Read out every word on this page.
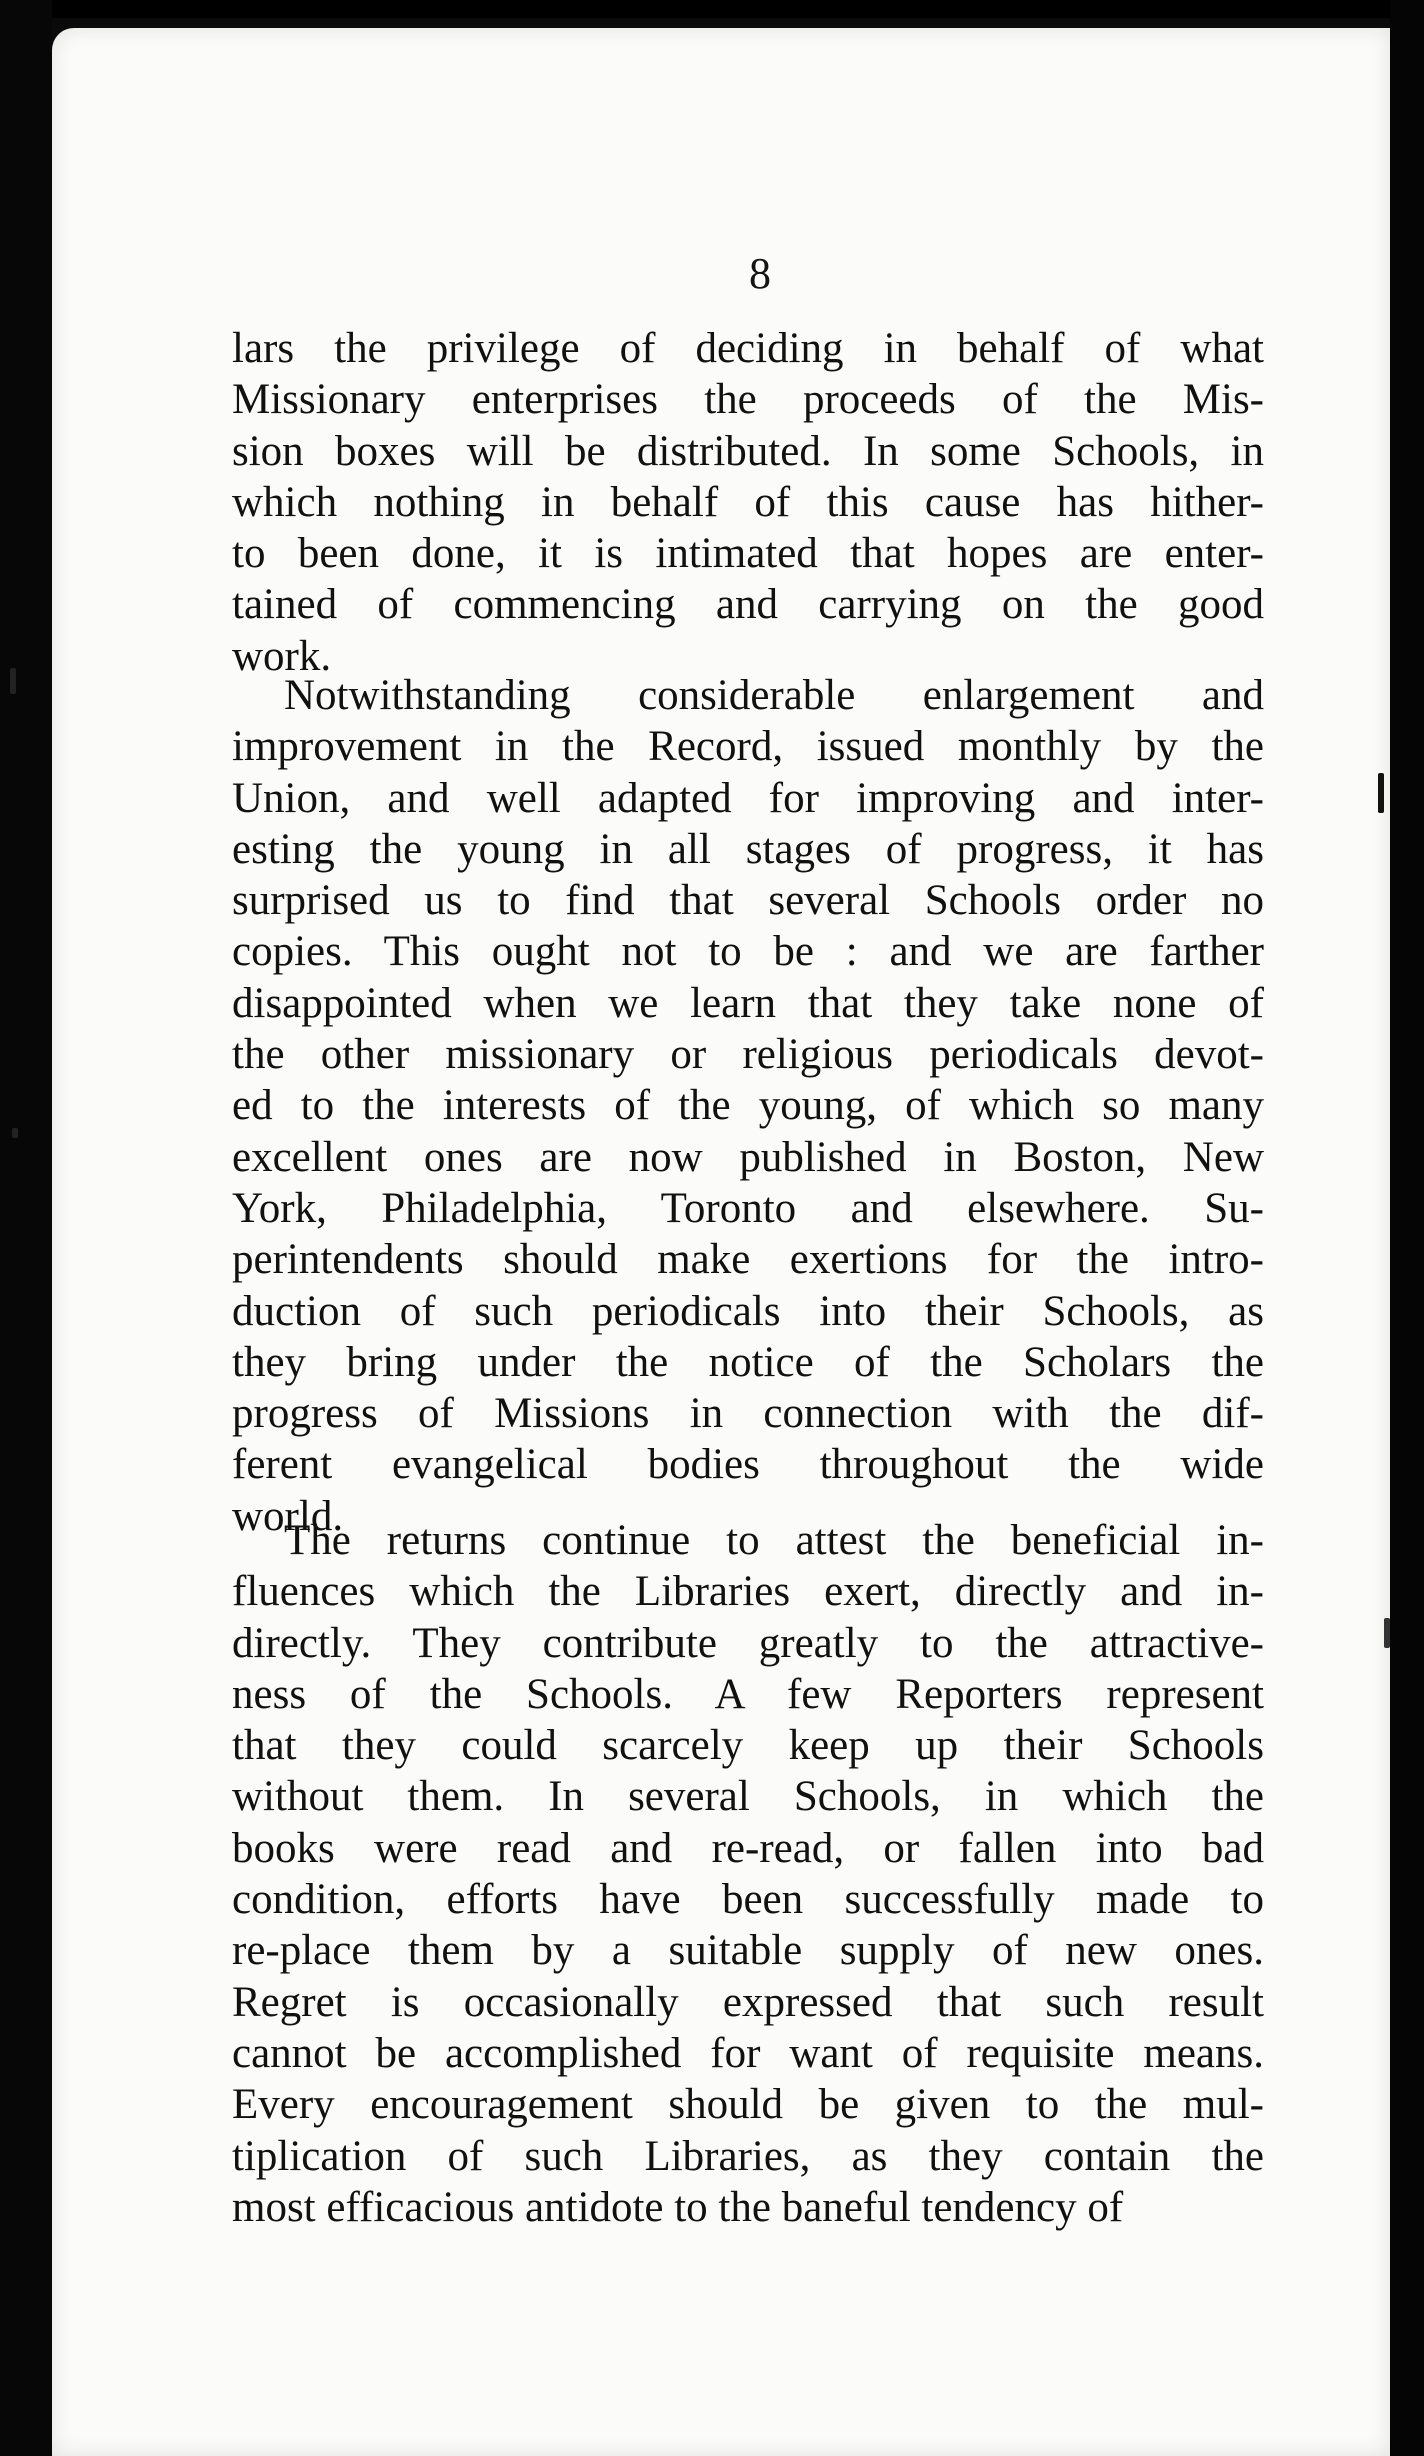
8
lars the privilege of deciding in behalf of what
Missionary enterprises the proceeds of the Mis-
sion boxes will be distributed. In some Schools, in
which nothing in behalf of this cause has hither-
to been done, it is intimated that hopes are enter-
tained of commencing and carrying on the good
work.
Notwithstanding considerable enlargement and
improvement in the Record, issued monthly by the
Union, and well adapted for improving and inter-
esting the young in all stages of progress, it has
surprised us to find that several Schools order no
copies. This ought not to be : and we are farther
disappointed when we learn that they take none of
the other missionary or religious periodicals devot-
ed to the interests of the young, of which so many
excellent ones are now published in Boston, New
York, Philadelphia, Toronto and elsewhere. Su-
perintendents should make exertions for the intro-
duction of such periodicals into their Schools, as
they bring under the notice of the Scholars the
progress of Missions in connection with the dif-
ferent evangelical bodies throughout the wide
world.
The returns continue to attest the beneficial in-
fluences which the Libraries exert, directly and in-
directly. They contribute greatly to the attractive-
ness of the Schools. A few Reporters represent
that they could scarcely keep up their Schools
without them. In several Schools, in which the
books were read and re-read, or fallen into bad
condition, efforts have been successfully made to
re-place them by a suitable supply of new ones.
Regret is occasionally expressed that such result
cannot be accomplished for want of requisite means.
Every encouragement should be given to the mul-
tiplication of such Libraries, as they contain the
most efficacious antidote to the baneful tendency of
